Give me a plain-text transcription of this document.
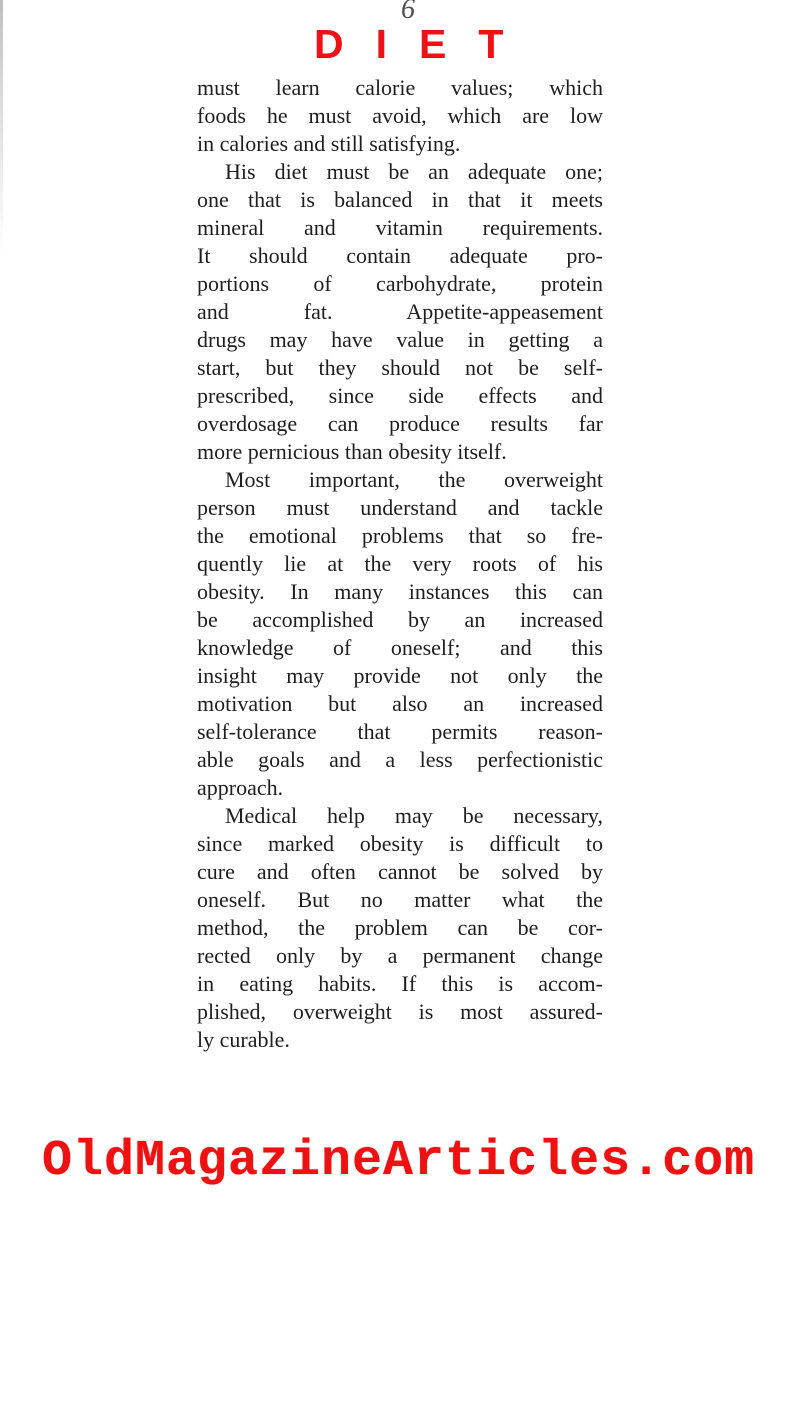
6
DIET
must learn calorie values; which
foods he must avoid, which are low
in calories and still satisfying.
His diet must be an adequate one;
one that is balanced in that it meets
mineral and vitamin requirements.
It should contain adequate pro-
portions of carbohydrate, protein
and fat. Appetite-appeasement
drugs may have value in getting a
start, but they should not be self-
prescribed, since side effects and
overdosage can produce results far
more pernicious than obesity itself.
Most important, the overweight
person must understand and tackle
the emotional problems that so fre-
quently lie at the very roots of his
obesity. In many instances this can
be accomplished by an increased
knowledge of oneself; and this
insight may provide not only the
motivation but also an increased
self-tolerance that permits reason-
able goals and a less perfectionistic
approach.
Medical help may be necessary,
since marked obesity is difficult to
cure and often cannot be solved by
oneself. But no matter what the
method, the problem can be cor-
rected only by a permanent change
in eating habits. If this is accom-
plished, overweight is most assured-
ly curable.
OldMagazineArticles.com
